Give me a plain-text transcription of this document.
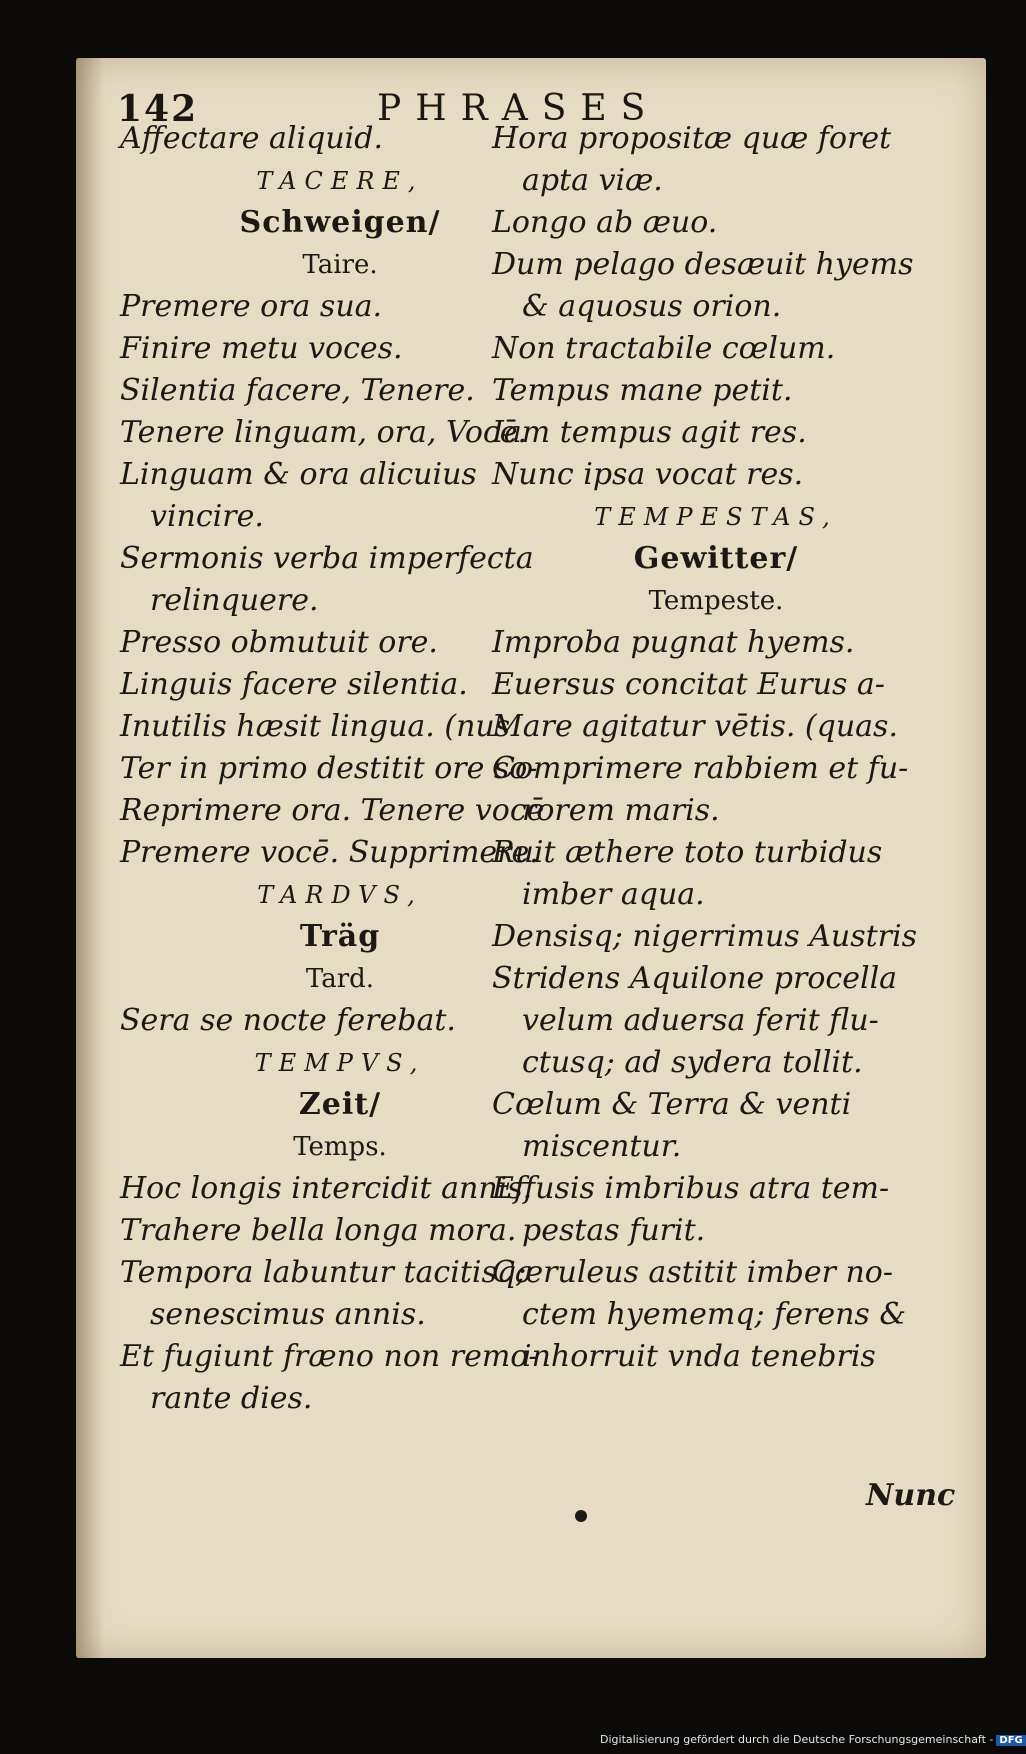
142	PHRASES
Affectare aliquid.
TACERE,
Schweigen/
Taire.
Premere ora sua.
Finire metu voces.
Silentia facere, Tenere.
Tenere linguam, ora, Vocē.
Linguam & ora alicuius
vincire.
Sermonis verba imperfecta
relinquere.
Presso obmutuit ore.
Linguis facere silentia.
Inutilis hæsit lingua. (nus
Ter in primo destitit ore so-
Reprimere ora. Tenere vocē
Premere vocē. Supprimere.
TARDVS,
Träg
Tard.
Sera se nocte ferebat.
TEMPVS,
Zeit/
Temps.
Hoc longis intercidit annis.
Trahere bella longa mora.
Tempora labuntur tacitisq;
senescimus annis.
Et fugiunt fræno non remo-
rante dies.
Hora propositæ quæ foret
apta viæ.
Longo ab æuo.
Dum pelago desæuit hyems
& aquosus orion.
Non tractabile cœlum.
Tempus mane petit.
Iam tempus agit res.
Nunc ipsa vocat res.
TEMPESTAS,
Gewitter/
Tempeste.
Improba pugnat hyems.
Euersus concitat Eurus a-
Mare agitatur vētis. (quas.
Comprimere rabbiem et fu-
rorem maris.
Ruit æthere toto turbidus
imber aqua.
Densisq; nigerrimus Austris
Stridens Aquilone procella
velum aduersa ferit flu-
ctusq; ad sydera tollit.
Cœlum & Terra & venti
miscentur.
Effusis imbribus atra tem-
pestas furit.
Cæruleus astitit imber no-
ctem hyememq; ferens &
inhorruit vnda tenebris
Nunc
Digitalisierung gefördert durch die Deutsche Forschungsgemeinschaft - DFG
